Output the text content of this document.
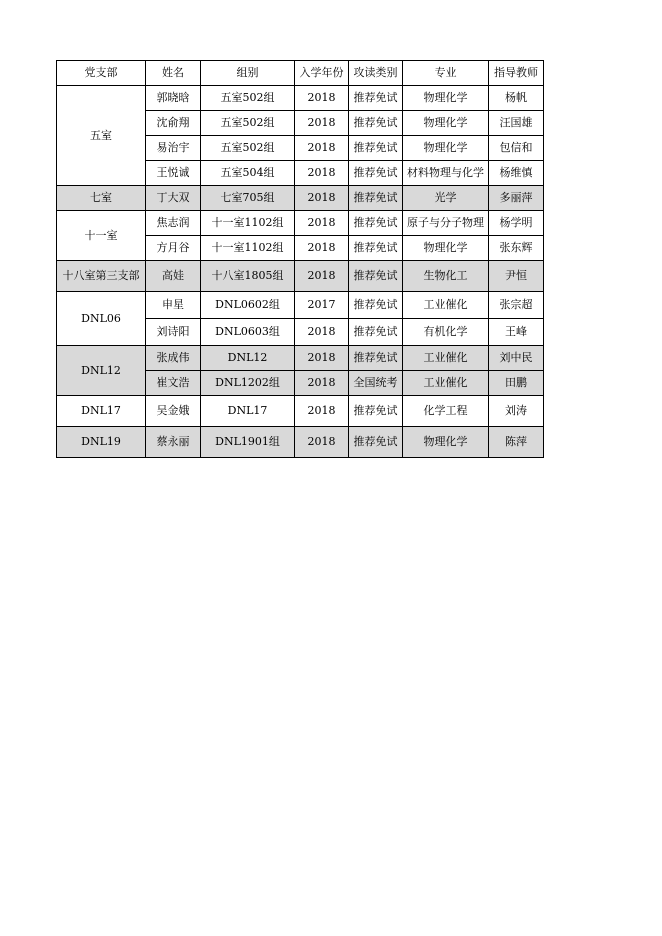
党支部	姓名	组别	入学年份	攻读类别	专业	指导教师
五室	郭晓晗	五室502组	2018	推荐免试	物理化学	杨帆
	沈俞翔	五室502组	2018	推荐免试	物理化学	汪国雄
	易治宇	五室502组	2018	推荐免试	物理化学	包信和
	王悦诚	五室504组	2018	推荐免试	材料物理与化学	杨维慎
七室	丁大双	七室705组	2018	推荐免试	光学	多丽萍
十一室	焦志润	十一室1102组	2018	推荐免试	原子与分子物理	杨学明
	方月谷	十一室1102组	2018	推荐免试	物理化学	张东辉
十八室第三支部	高娃	十八室1805组	2018	推荐免试	生物化工	尹恒
DNL06	申星	DNL0602组	2017	推荐免试	工业催化	张宗超
	刘诗阳	DNL0603组	2018	推荐免试	有机化学	王峰
DNL12	张成伟	DNL12	2018	推荐免试	工业催化	刘中民
	崔文浩	DNL1202组	2018	全国统考	工业催化	田鹏
DNL17	吴金娥	DNL17	2018	推荐免试	化学工程	刘涛
DNL19	蔡永丽	DNL1901组	2018	推荐免试	物理化学	陈萍
